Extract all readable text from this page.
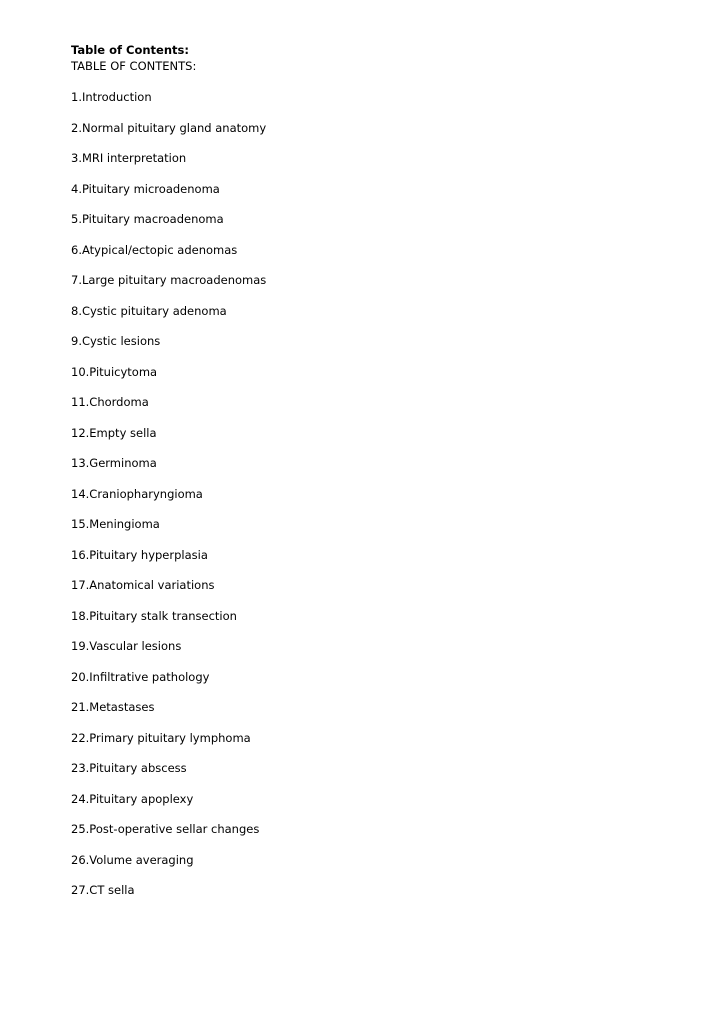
Table of Contents:
TABLE OF CONTENTS:
1.Introduction
2.Normal pituitary gland anatomy
3.MRI interpretation
4.Pituitary microadenoma
5.Pituitary macroadenoma
6.Atypical/ectopic adenomas
7.Large pituitary macroadenomas
8.Cystic pituitary adenoma
9.Cystic lesions
10.Pituicytoma
11.Chordoma
12.Empty sella
13.Germinoma
14.Craniopharyngioma
15.Meningioma
16.Pituitary hyperplasia
17.Anatomical variations
18.Pituitary stalk transection
19.Vascular lesions
20.Infiltrative pathology
21.Metastases
22.Primary pituitary lymphoma
23.Pituitary abscess
24.Pituitary apoplexy
25.Post-operative sellar changes
26.Volume averaging
27.CT sella
